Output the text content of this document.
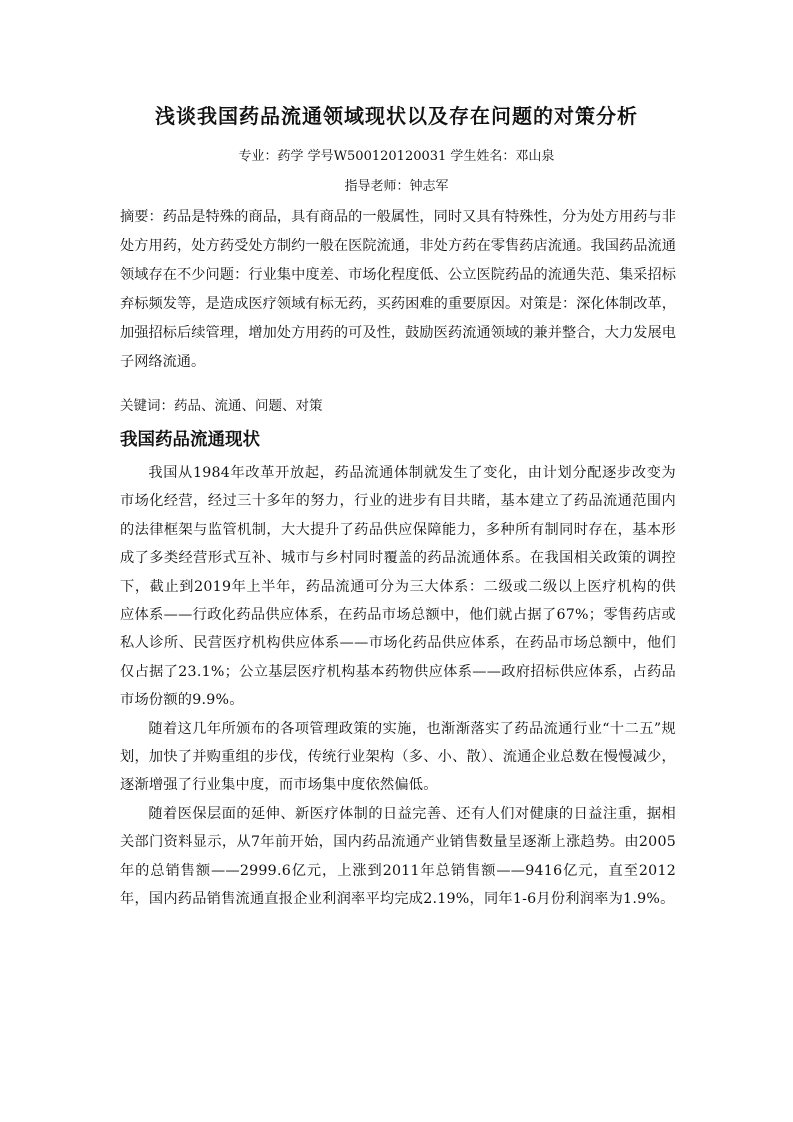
浅谈我国药品流通领域现状以及存在问题的对策分析
专业：药学 学号W500120120031 学生姓名：邓山泉
指导老师：钟志军
摘要：药品是特殊的商品，具有商品的一般属性，同时又具有特殊性，分为处方用药与非处方用药，处方药受处方制约一般在医院流通，非处方药在零售药店流通。我国药品流通领域存在不少问题：行业集中度差、市场化程度低、公立医院药品的流通失范、集采招标弃标频发等，是造成医疗领域有标无药，买药困难的重要原因。对策是：深化体制改革，加强招标后续管理，增加处方用药的可及性，鼓励医药流通领域的兼并整合，大力发展电子网络流通。
关键词：药品、流通、问题、对策
我国药品流通现状

我国从1984年改革开放起，药品流通体制就发生了变化，由计划分配逐步改变为市场化经营，经过三十多年的努力，行业的进步有目共睹，基本建立了药品流通范围内的法律框架与监管机制，大大提升了药品供应保障能力，多种所有制同时存在，基本形成了多类经营形式互补、城市与乡村同时覆盖的药品流通体系。在我国相关政策的调控下，截止到2019年上半年，药品流通可分为三大体系：二级或二级以上医疗机构的供应体系——行政化药品供应体系，在药品市场总额中，他们就占据了67%；零售药店或私人诊所、民营医疗机构供应体系——市场化药品供应体系，在药品市场总额中，他们仅占据了23.1%；公立基层医疗机构基本药物供应体系——政府招标供应体系，占药品市场份额的9.9%。

随着这几年所颁布的各项管理政策的实施，也渐渐落实了药品流通行业“十二五”规划，加快了并购重组的步伐，传统行业架构（多、小、散）、流通企业总数在慢慢减少，逐渐增强了行业集中度，而市场集中度依然偏低。

随着医保层面的延伸、新医疗体制的日益完善、还有人们对健康的日益注重，据相关部门资料显示，从7年前开始，国内药品流通产业销售数量呈逐渐上涨趋势。由2005年的总销售额——2999.6亿元，上涨到2011年总销售额——9416亿元，直至2012年，国内药品销售流通直报企业利润率平均完成2.19%，同年1-6月份利润率为1.9%。
